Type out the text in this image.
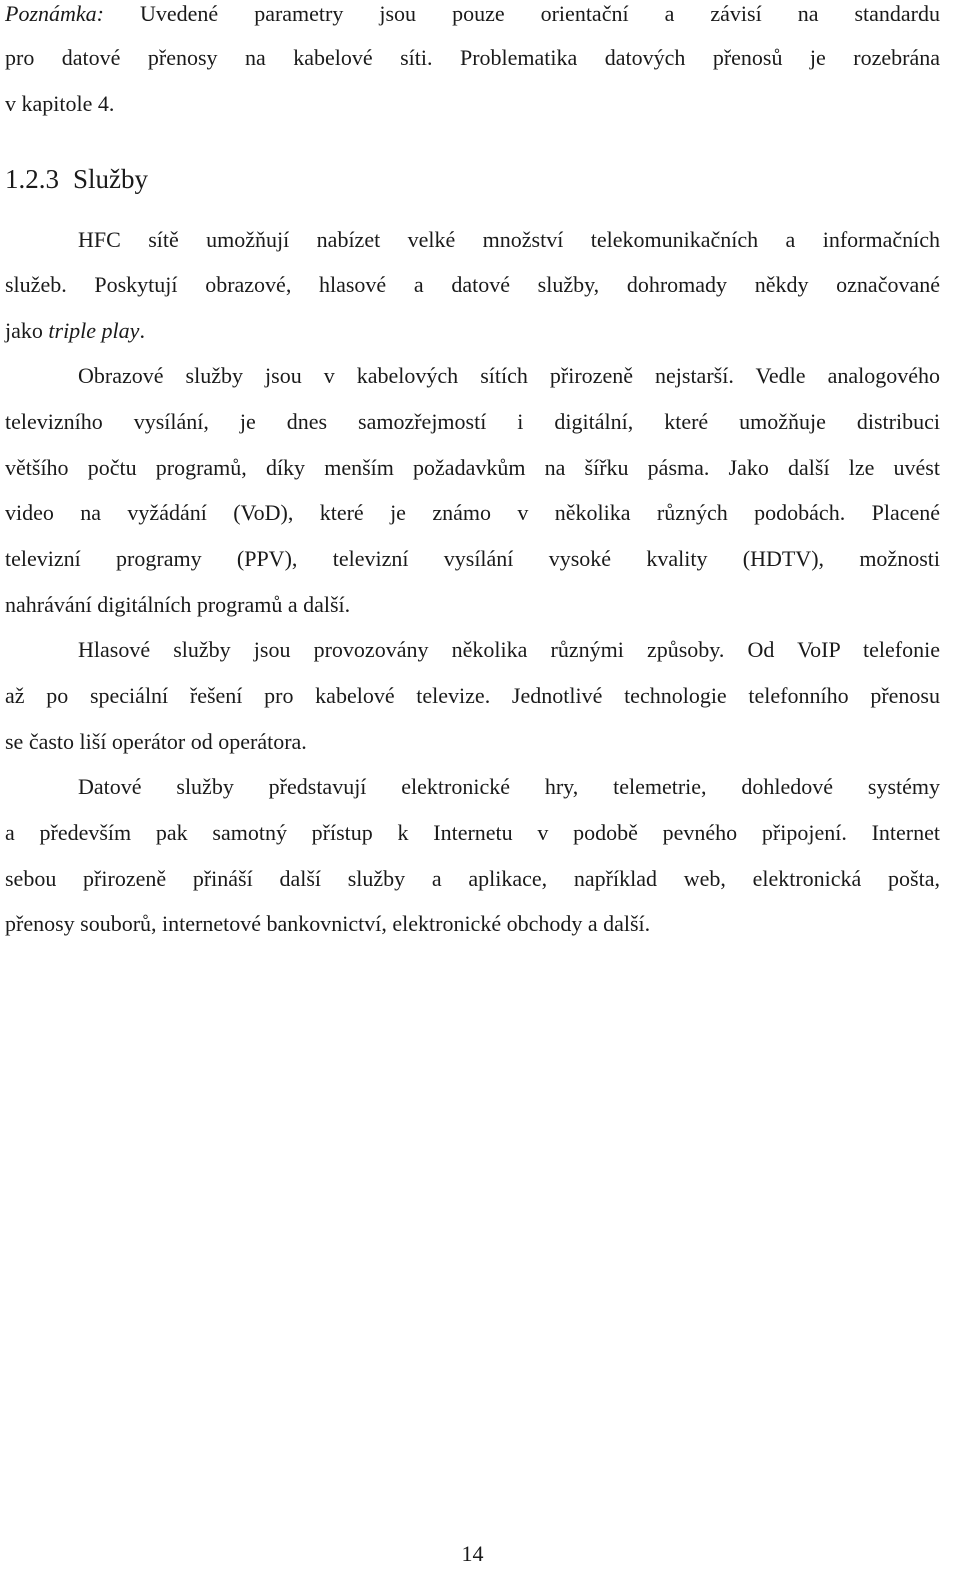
Poznámka: Uvedené parametry jsou pouze orientační a závisí na standardu
pro datové přenosy na kabelové síti. Problematika datových přenosů je rozebrána
v kapitole 4.
1.2.3 Služby
HFC sítě umožňují nabízet velké množství telekomunikačních a informačních
služeb. Poskytují obrazové, hlasové a datové služby, dohromady někdy označované
jako triple play.
Obrazové služby jsou v kabelových sítích přirozeně nejstarší. Vedle analogového
televizního vysílání, je dnes samozřejmostí i digitální, které umožňuje distribuci
většího počtu programů, díky menším požadavkům na šířku pásma. Jako další lze uvést
video na vyžádání (VoD), které je známo v několika různých podobách. Placené
televizní programy (PPV), televizní vysílání vysoké kvality (HDTV), možnosti
nahrávání digitálních programů a další.
Hlasové služby jsou provozovány několika různými způsoby. Od VoIP telefonie
až po speciální řešení pro kabelové televize. Jednotlivé technologie telefonního přenosu
se často liší operátor od operátora.
Datové služby představují elektronické hry, telemetrie, dohledové systémy
a především pak samotný přístup k Internetu v podobě pevného připojení. Internet
sebou přirozeně přináší další služby a aplikace, například web, elektronická pošta,
přenosy souborů, internetové bankovnictví, elektronické obchody a další.
14
